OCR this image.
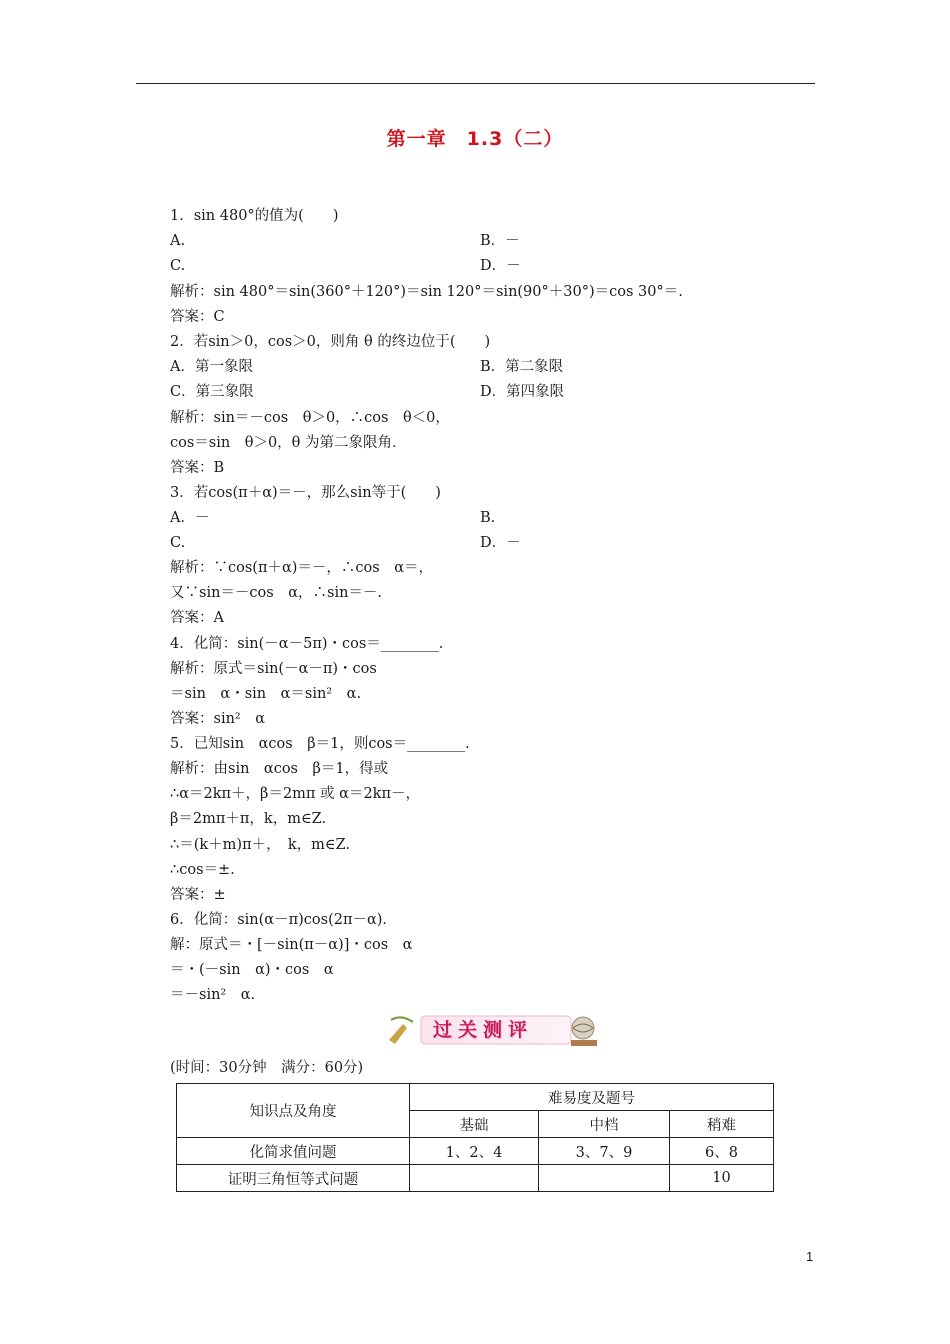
第一章　1.3（二）
1．sin 480°的值为(　　)
A.	B．－
C.	D．－
解析：sin 480°＝sin(360°＋120°)＝sin 120°＝sin(90°＋30°)＝cos 30°＝.
答案：C
2．若sin＞0，cos＞0，则角 θ 的终边位于(　　)
A．第一象限	B．第二象限
C．第三象限	D．第四象限
解析：sin＝－cos　θ＞0，∴cos　θ＜0，
cos＝sin　θ＞0，θ 为第二象限角．
答案：B
3．若cos(π＋α)＝－，那么sin等于(　　)
A．－	B.
C.	D．－
解析：∵cos(π＋α)＝－，∴cos　α＝，
又∵sin＝－cos　α，∴sin＝－.
答案：A
4．化简：sin(－α－5π)・cos＝________.
解析：原式＝sin(－α－π)・cos
＝sin　α・sin　α＝sin²　α.
答案：sin²　α
5．已知sin　αcos　β＝1，则cos＝________.
解析：由sin　αcos　β＝1，得或
∴α＝2kπ＋，β＝2mπ 或 α＝2kπ－，
β＝2mπ＋π，k，m∈Z.
∴＝(k＋m)π＋，　k，m∈Z.
∴cos＝±.
答案：±
6．化简：sin(α－π)cos(2π－α)．
解：原式＝・[－sin(π－α)]・cos　α
＝・(－sin　α)・cos　α
＝－sin²　α.
过关测评
(时间：30分钟　满分：60分)
知识点及角度	难易度及题号		
	基础	中档	稍难
化简求值问题	1、2、4	3、7、9	6、8
证明三角恒等式问题			10
1
